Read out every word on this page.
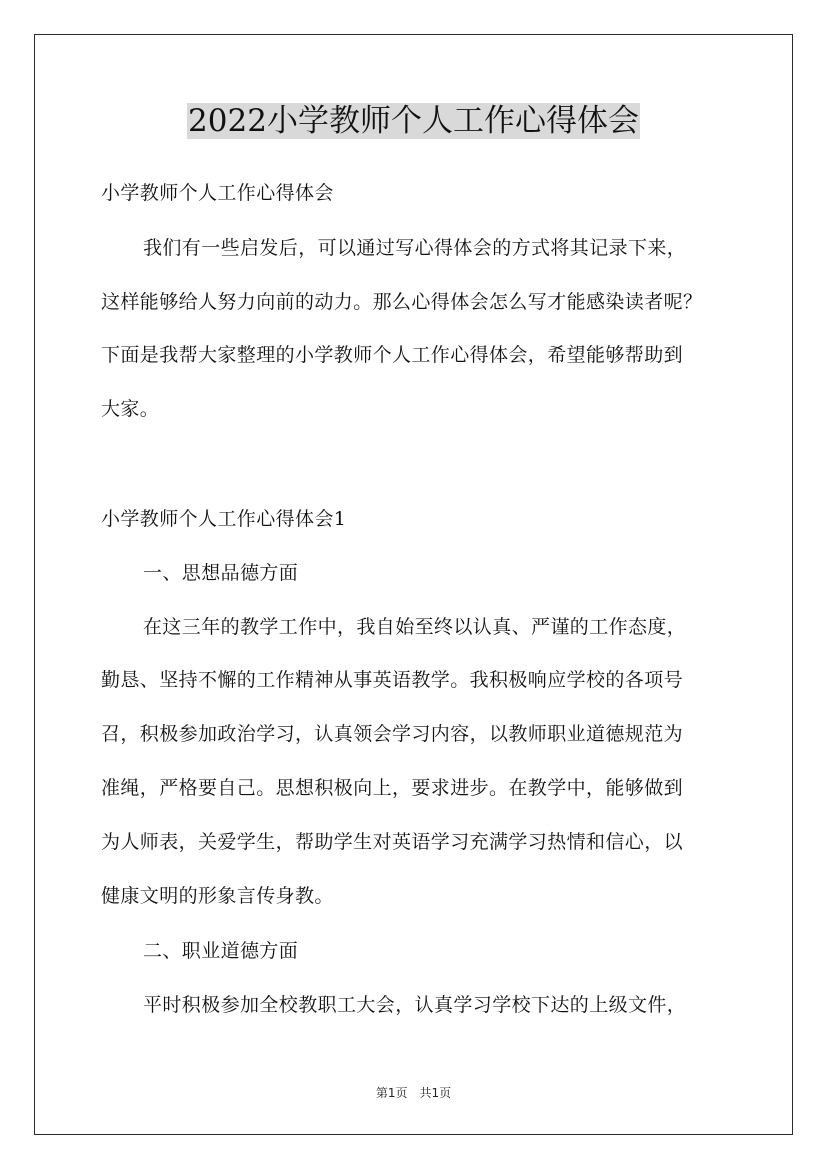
2022小学教师个人工作心得体会
小学教师个人工作心得体会
我们有一些启发后，可以通过写心得体会的方式将其记录下来，
这样能够给人努力向前的动力。那么心得体会怎么写才能感染读者呢？
下面是我帮大家整理的小学教师个人工作心得体会，希望能够帮助到
大家。
小学教师个人工作心得体会1
一、思想品德方面
在这三年的教学工作中，我自始至终以认真、严谨的工作态度，
勤恳、坚持不懈的工作精神从事英语教学。我积极响应学校的各项号
召，积极参加政治学习，认真领会学习内容，以教师职业道德规范为
准绳，严格要自己。思想积极向上，要求进步。在教学中，能够做到
为人师表，关爱学生，帮助学生对英语学习充满学习热情和信心，以
健康文明的形象言传身教。
二、职业道德方面
平时积极参加全校教职工大会，认真学习学校下达的上级文件，
第1页　共1页
